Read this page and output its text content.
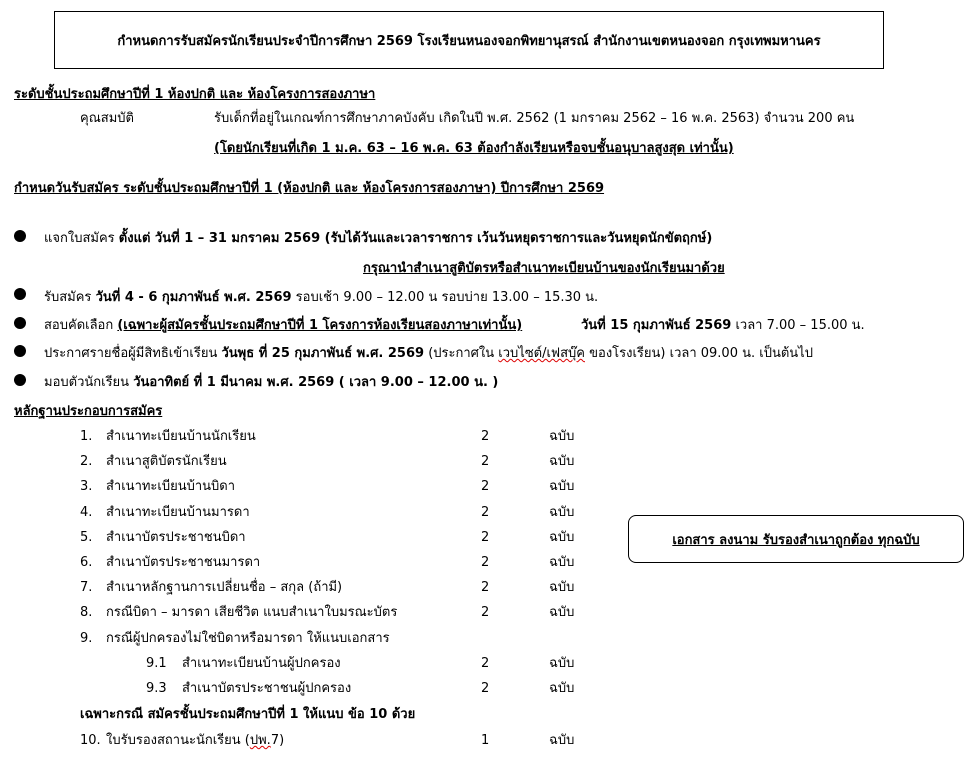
กำหนดการรับสมัครนักเรียนประจำปีการศึกษา 2569 โรงเรียนหนองจอกพิทยานุสรณ์ สำนักงานเขตหนองจอก กรุงเทพมหานคร
ระดับชั้นประถมศึกษาปีที่ 1 ห้องปกติ และ ห้องโครงการสองภาษา
คุณสมบัติ	รับเด็กที่อยู่ในเกณฑ์การศึกษาภาคบังคับ เกิดในปี พ.ศ. 2562 (1 มกราคม 2562 – 16 พ.ค. 2563) จำนวน 200 คน
(โดยนักเรียนที่เกิด 1 ม.ค. 63 – 16 พ.ค. 63 ต้องกำลังเรียนหรือจบชั้นอนุบาลสูงสุด เท่านั้น)
กำหนดวันรับสมัคร ระดับชั้นประถมศึกษาปีที่ 1 (ห้องปกติ และ ห้องโครงการสองภาษา) ปีการศึกษา 2569
แจกใบสมัคร ตั้งแต่ วันที่ 1 – 31 มกราคม 2569 (รับได้วันและเวลาราชการ เว้นวันหยุดราชการและวันหยุดนักขัตฤกษ์)
กรุณานำสำเนาสูติบัตรหรือสำเนาทะเบียนบ้านของนักเรียนมาด้วย
รับสมัคร วันที่ 4 - 6 กุมภาพันธ์ พ.ศ. 2569 รอบเช้า 9.00 – 12.00 น รอบบ่าย 13.00 – 15.30 น.
สอบคัดเลือก (เฉพาะผู้สมัครชั้นประถมศึกษาปีที่ 1 โครงการห้องเรียนสองภาษาเท่านั้น)	วันที่ 15 กุมภาพันธ์ 2569 เวลา 7.00 – 15.00 น.
ประกาศรายชื่อผู้มีสิทธิเข้าเรียน วันพุธ ที่ 25 กุมภาพันธ์ พ.ศ. 2569 (ประกาศใน เวบไซต์/เฟสบุ๊ค ของโรงเรียน) เวลา 09.00 น. เป็นต้นไป
มอบตัวนักเรียน วันอาทิตย์ ที่ 1 มีนาคม พ.ศ. 2569 ( เวลา 9.00 – 12.00 น. )
หลักฐานประกอบการสมัคร
1.	สำเนาทะเบียนบ้านนักเรียน	2	ฉบับ
2.	สำเนาสูติบัตรนักเรียน	2	ฉบับ
3.	สำเนาทะเบียนบ้านบิดา	2	ฉบับ
4.	สำเนาทะเบียนบ้านมารดา	2	ฉบับ
5.	สำเนาบัตรประชาชนบิดา	2	ฉบับ
6.	สำเนาบัตรประชาชนมารดา	2	ฉบับ
7.	สำเนาหลักฐานการเปลี่ยนชื่อ – สกุล (ถ้ามี)	2	ฉบับ
8.	กรณีบิดา – มารดา เสียชีวิต แนบสำเนาใบมรณะบัตร	2	ฉบับ
9.	กรณีผู้ปกครองไม่ใช่บิดาหรือมารดา ให้แนบเอกสาร
9.1 สำเนาทะเบียนบ้านผู้ปกครอง	2	ฉบับ
9.3 สำเนาบัตรประชาชนผู้ปกครอง	2	ฉบับ
เฉพาะกรณี สมัครชั้นประถมศึกษาปีที่ 1 ให้แนบ ข้อ 10 ด้วย
10. ใบรับรองสถานะนักเรียน (ปพ.7)	1	ฉบับ
เอกสาร ลงนาม รับรองสำเนาถูกต้อง ทุกฉบับ
